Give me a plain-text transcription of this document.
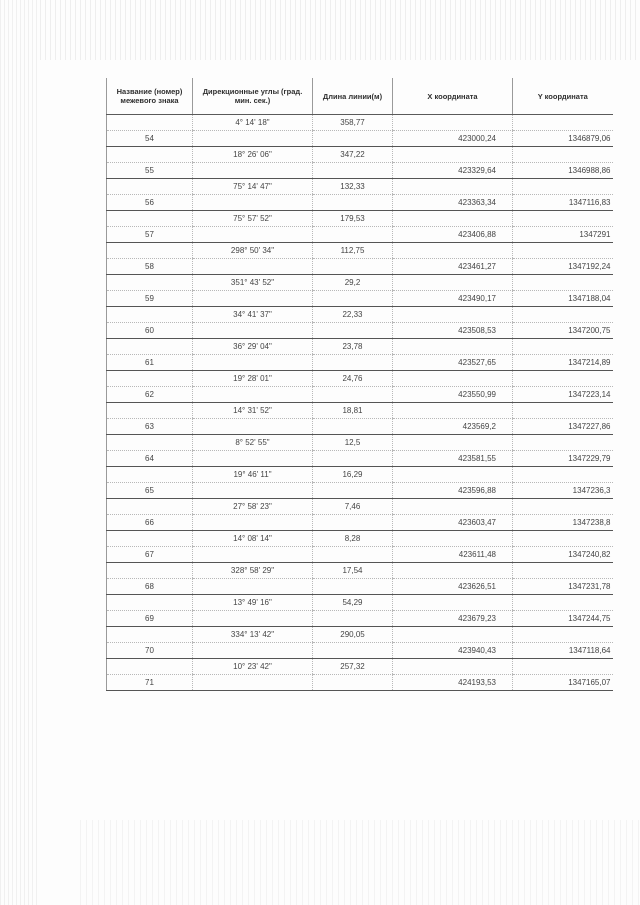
Название (номер) межевого знака	Дирекционные углы (град. мин. сек.)	Длина линии(м)	X координата	Y координата
	4° 14' 18"	358,77		
54			423000,24	1346879,06
	18° 26' 06"	347,22		
55			423329,64	1346988,86
	75° 14' 47"	132,33		
56			423363,34	1347116,83
	75° 57' 52"	179,53		
57			423406,88	1347291
	298° 50' 34"	112,75		
58			423461,27	1347192,24
	351° 43' 52"	29,2		
59			423490,17	1347188,04
	34° 41' 37"	22,33		
60			423508,53	1347200,75
	36° 29' 04"	23,78		
61			423527,65	1347214,89
	19° 28' 01"	24,76		
62			423550,99	1347223,14
	14° 31' 52"	18,81		
63			423569,2	1347227,86
	8° 52' 55"	12,5		
64			423581,55	1347229,79
	19° 46' 11"	16,29		
65			423596,88	1347236,3
	27° 58' 23"	7,46		
66			423603,47	1347238,8
	14° 08' 14"	8,28		
67			423611,48	1347240,82
	328° 58' 29"	17,54		
68			423626,51	1347231,78
	13° 49' 16"	54,29		
69			423679,23	1347244,75
	334° 13' 42"	290,05		
70			423940,43	1347118,64
	10° 23' 42"	257,32		
71			424193,53	1347165,07
